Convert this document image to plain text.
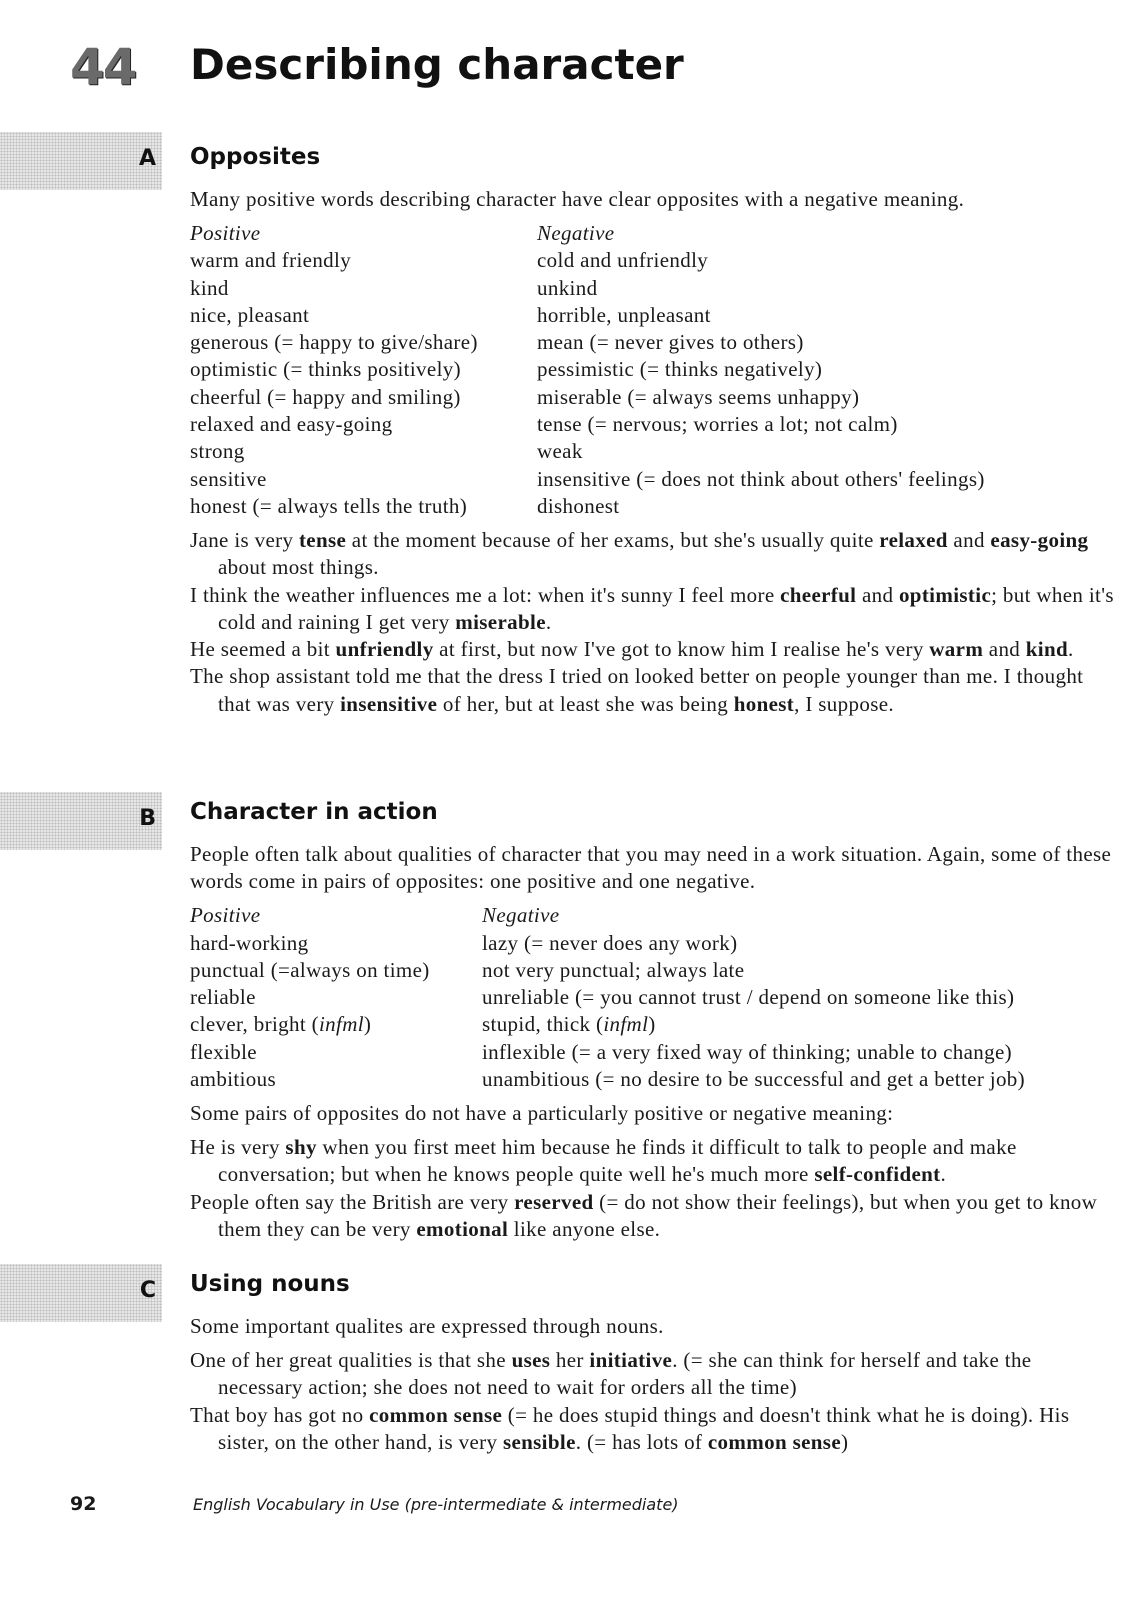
44 Describing character
A
B
C
Opposites

Many positive words describing character have clear opposites with a negative meaning.

Positive	Negative
warm and friendly	cold and unfriendly
kind	unkind
nice, pleasant	horrible, unpleasant
generous (= happy to give/share)	mean (= never gives to others)
optimistic (= thinks positively)	pessimistic (= thinks negatively)
cheerful (= happy and smiling)	miserable (= always seems unhappy)
relaxed and easy-going	tense (= nervous; worries a lot; not calm)
strong	weak
sensitive	insensitive (= does not think about others' feelings)
honest (= always tells the truth)	dishonest

Jane is very tense at the moment because of her exams, but she's usually quite relaxed and easy-going about most things.

I think the weather influences me a lot: when it's sunny I feel more cheerful and optimistic; but when it's cold and raining I get very miserable.

He seemed a bit unfriendly at first, but now I've got to know him I realise he's very warm and kind.

The shop assistant told me that the dress I tried on looked better on people younger than me. I thought that was very insensitive of her, but at least she was being honest, I suppose.

Character in action

People often talk about qualities of character that you may need in a work situation. Again, some of these words come in pairs of opposites: one positive and one negative.

Positive	Negative
hard-working	lazy (= never does any work)
punctual (=always on time)	not very punctual; always late
reliable	unreliable (= you cannot trust / depend on someone like this)
clever, bright (infml)	stupid, thick (infml)
flexible	inflexible (= a very fixed way of thinking; unable to change)
ambitious	unambitious (= no desire to be successful and get a better job)

Some pairs of opposites do not have a particularly positive or negative meaning:

He is very shy when you first meet him because he finds it difficult to talk to people and make conversation; but when he knows people quite well he's much more self-confident.

People often say the British are very reserved (= do not show their feelings), but when you get to know them they can be very emotional like anyone else.

Using nouns

Some important qualites are expressed through nouns.

One of her great qualities is that she uses her initiative. (= she can think for herself and take the necessary action; she does not need to wait for orders all the time)

That boy has got no common sense (= he does stupid things and doesn't think what he is doing). His sister, on the other hand, is very sensible. (= has lots of common sense)

92	English Vocabulary in Use (pre-intermediate & intermediate)
